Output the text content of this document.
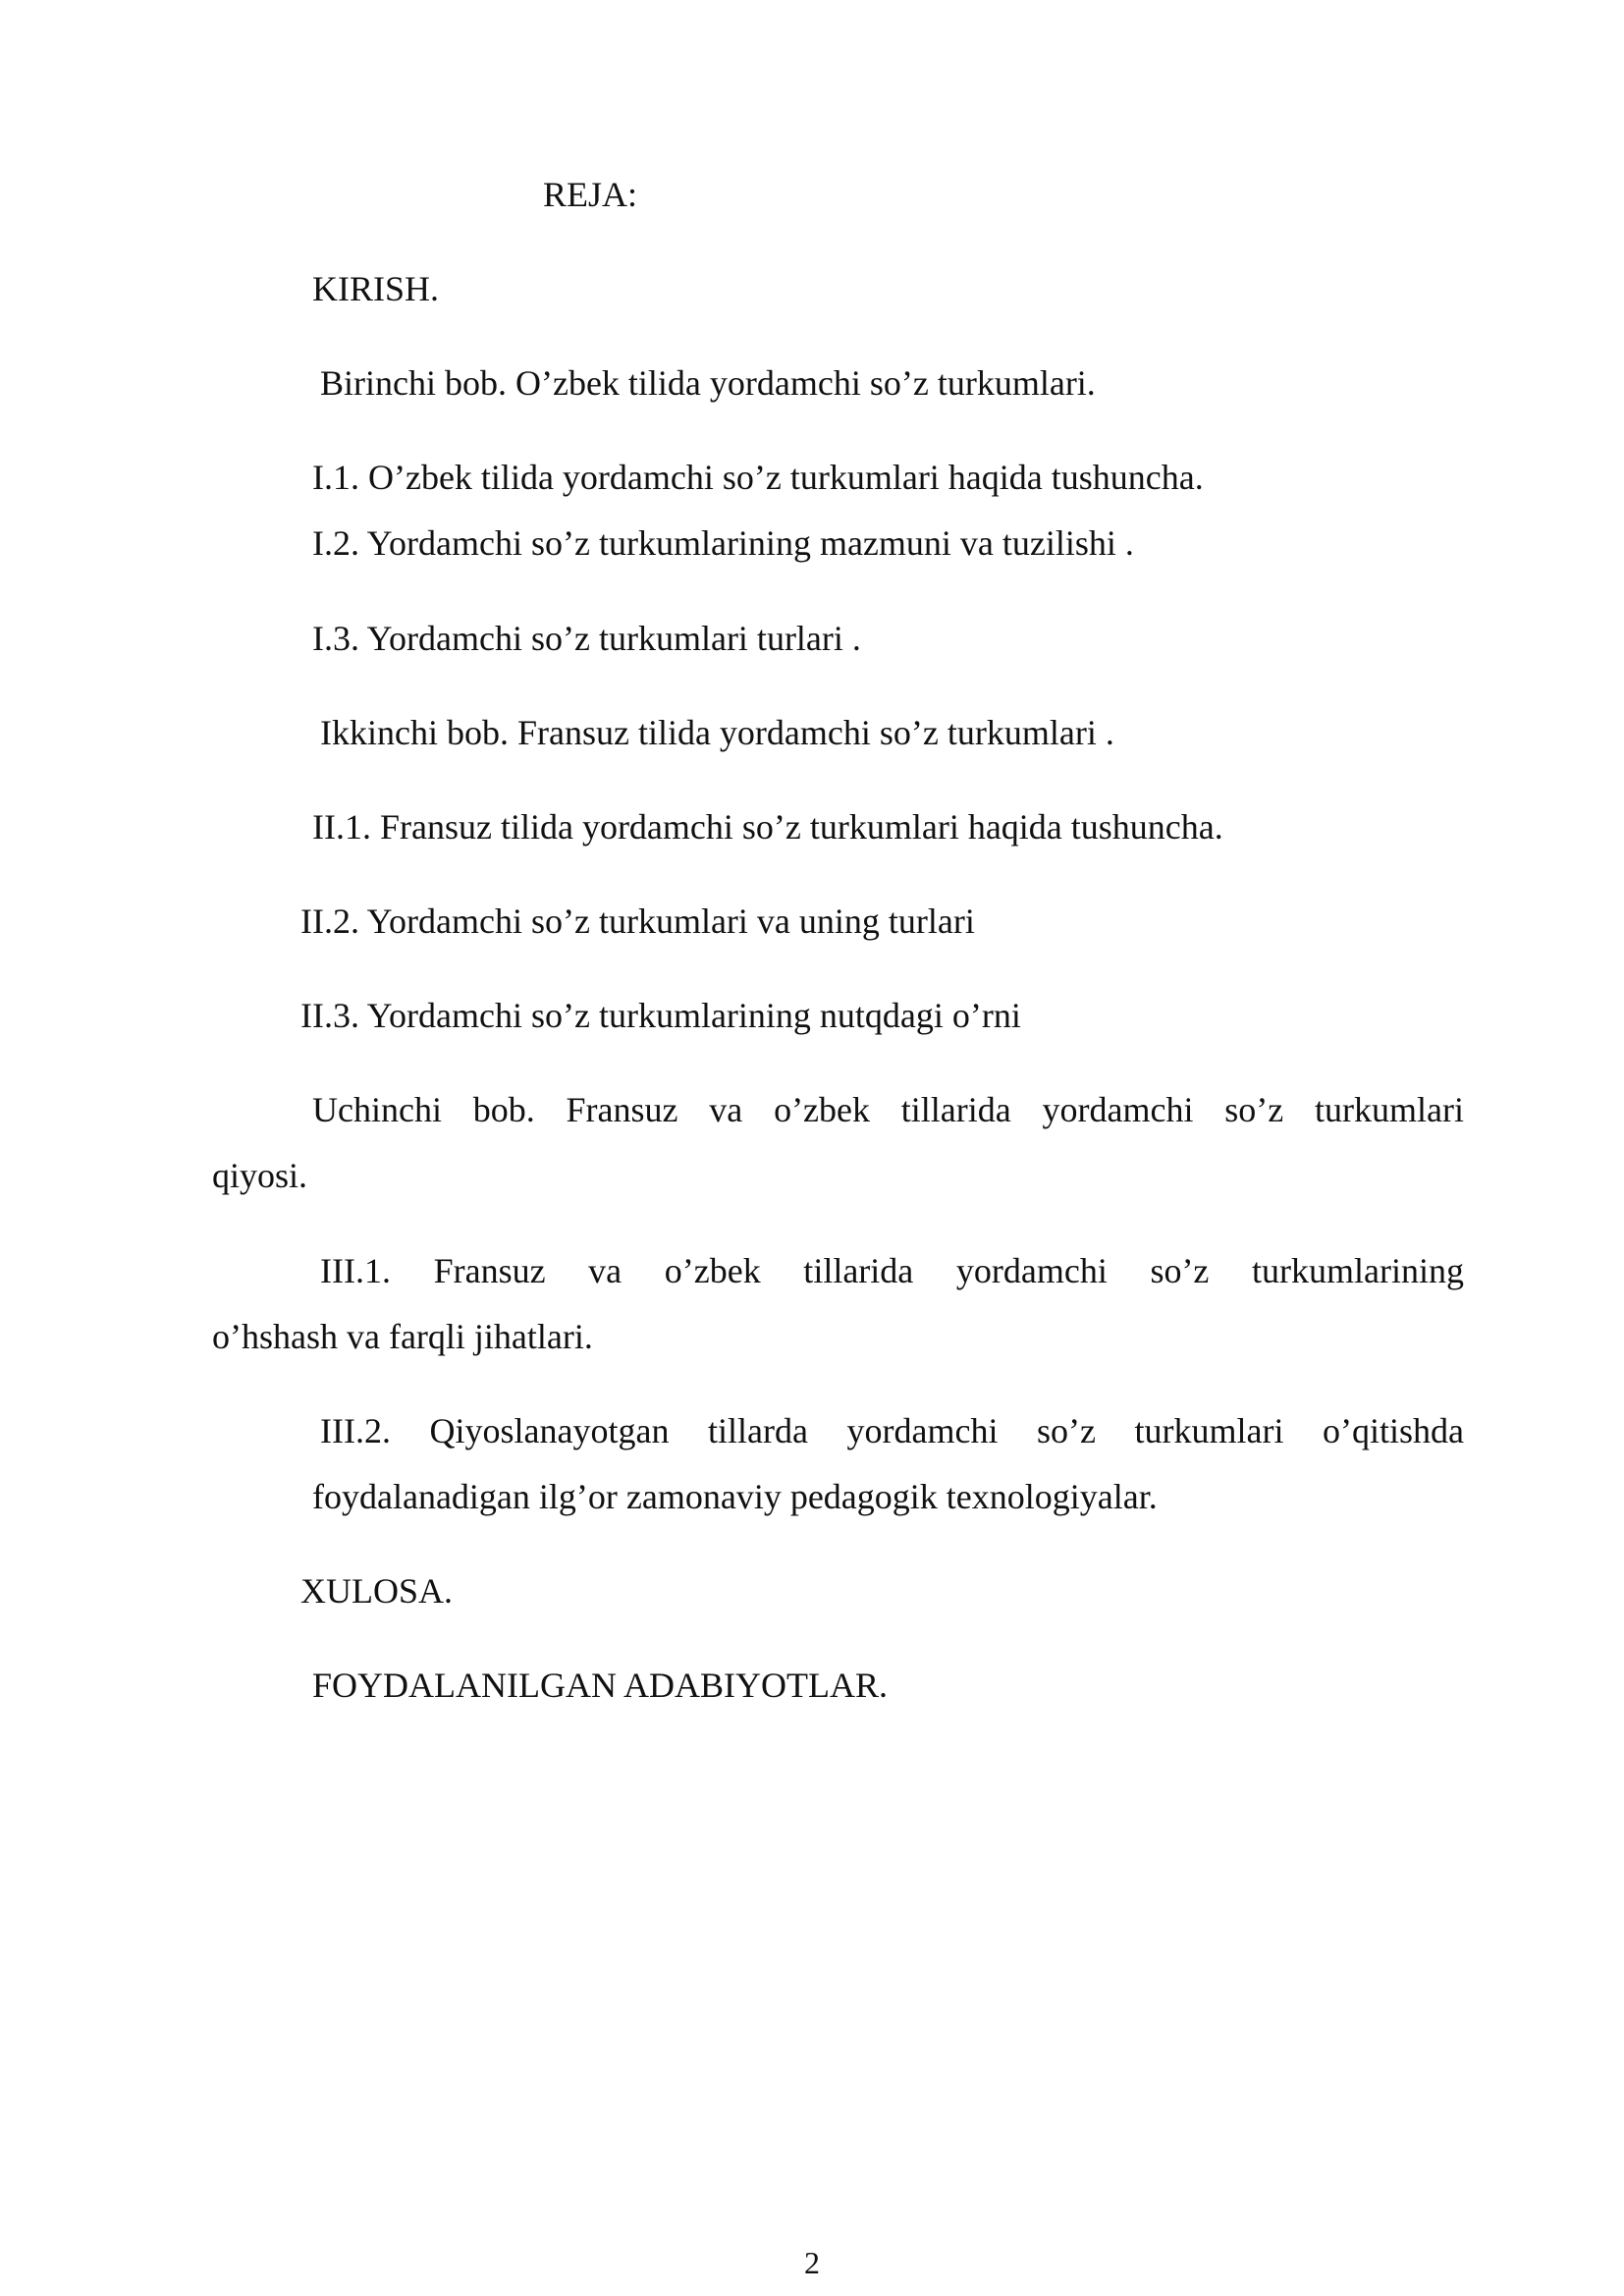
REJA:
KIRISH.
Birinchi bob. O’zbek tilida yordamchi so’z turkumlari.
I.1. O’zbek tilida yordamchi so’z turkumlari haqida tushuncha.
I.2. Yordamchi so’z turkumlarining mazmuni va tuzilishi .
I.3. Yordamchi so’z turkumlari turlari .
Ikkinchi bob. Fransuz tilida yordamchi so’z turkumlari .
II.1. Fransuz tilida yordamchi so’z turkumlari haqida tushuncha.
II.2. Yordamchi so’z turkumlari va uning turlari
II.3. Yordamchi so’z turkumlarining nutqdagi o’rni
Uchinchi bob. Fransuz va o’zbek tillarida yordamchi so’z turkumlari
qiyosi.
III.1. Fransuz va o’zbek tillarida yordamchi so’z turkumlarining
o’hshash va farqli jihatlari.
III.2. Qiyoslanayotgan tillarda yordamchi so’z turkumlari o’qitishda
foydalanadigan ilg’or zamonaviy pedagogik texnologiyalar.
XULOSA.
FOYDALANILGAN ADABIYOTLAR.
2
